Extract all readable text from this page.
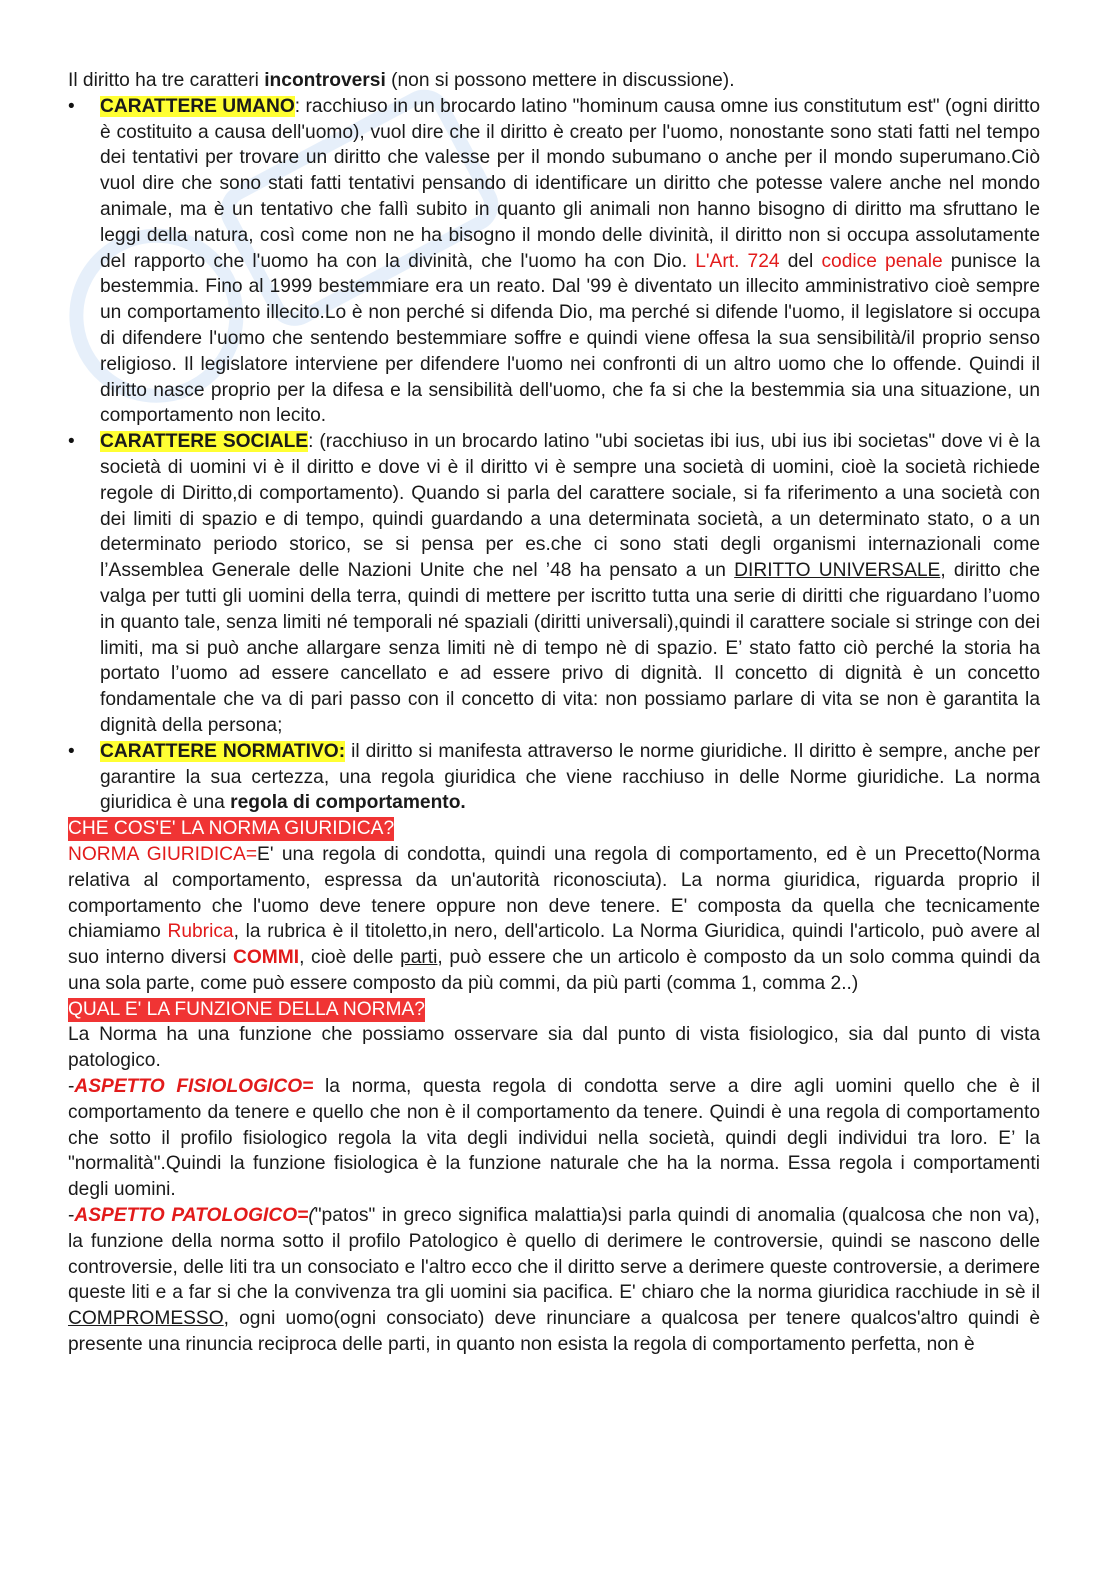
Il diritto ha tre caratteri incontroversi (non si possono mettere in discussione).

• CARATTERE UMANO: racchiuso in un brocardo latino "hominum causa omne ius constitutum est" (ogni diritto è costituito a causa dell'uomo), vuol dire che il diritto è creato per l'uomo, nonostante sono stati fatti nel tempo dei tentativi per trovare un diritto che valesse per il mondo subumano o anche per il mondo superumano.Ciò vuol dire che sono stati fatti tentativi pensando di identificare un diritto che potesse valere anche nel mondo animale, ma è un tentativo che fallì subito in quanto gli animali non hanno bisogno di diritto ma sfruttano le leggi della natura, così come non ne ha bisogno il mondo delle divinità, il diritto non si occupa assolutamente del rapporto che l'uomo ha con la divinità, che l'uomo ha con Dio. L'Art. 724 del codice penale punisce la bestemmia. Fino al 1999 bestemmiare era un reato. Dal '99 è diventato un illecito amministrativo cioè sempre un comportamento illecito.Lo è non perché si difenda Dio, ma perché si difende l'uomo, il legislatore si occupa di difendere l'uomo che sentendo bestemmiare soffre e quindi viene offesa la sua sensibilità/il proprio senso religioso. Il legislatore interviene per difendere l'uomo nei confronti di un altro uomo che lo offende. Quindi il diritto nasce proprio per la difesa e la sensibilità dell'uomo, che fa si che la bestemmia sia una situazione, un comportamento non lecito.
• CARATTERE SOCIALE: (racchiuso in un brocardo latino "ubi societas ibi ius, ubi ius ibi societas" dove vi è la società di uomini vi è il diritto e dove vi è il diritto vi è sempre una società di uomini, cioè la società richiede regole di Diritto,di comportamento). Quando si parla del carattere sociale, si fa riferimento a una società con dei limiti di spazio e di tempo, quindi guardando a una determinata società, a un determinato stato, o a un determinato periodo storico, se si pensa per es.che ci sono stati degli organismi internazionali come l’Assemblea Generale delle Nazioni Unite che nel ’48 ha pensato a un DIRITTO UNIVERSALE, diritto che valga per tutti gli uomini della terra, quindi di mettere per iscritto tutta una serie di diritti che riguardano l’uomo in quanto tale, senza limiti né temporali né spaziali (diritti universali),quindi il carattere sociale si stringe con dei limiti, ma si può anche allargare senza limiti nè di tempo nè di spazio. E’ stato fatto ciò perché la storia ha portato l’uomo ad essere cancellato e ad essere privo di dignità. Il concetto di dignità è un concetto fondamentale che va di pari passo con il concetto di vita: non possiamo parlare di vita se non è garantita la dignità della persona;
• CARATTERE NORMATIVO: il diritto si manifesta attraverso le norme giuridiche. Il diritto è sempre, anche per garantire la sua certezza, una regola giuridica che viene racchiuso in delle Norme giuridiche. La norma giuridica è una regola di comportamento.
CHE COS'E' LA NORMA GIURIDICA?

NORMA GIURIDICA=E' una regola di condotta, quindi una regola di comportamento, ed è un Precetto(Norma relativa al comportamento, espressa da un'autorità riconosciuta). La norma giuridica, riguarda proprio il comportamento che l'uomo deve tenere oppure non deve tenere. E' composta da quella che tecnicamente chiamiamo Rubrica, la rubrica è il titoletto,in nero, dell'articolo. La Norma Giuridica, quindi l'articolo, può avere al suo interno diversi COMMI, cioè delle parti, può essere che un articolo è composto da un solo comma quindi da una sola parte, come può essere composto da più commi, da più parti (comma 1, comma 2..)

QUAL E' LA FUNZIONE DELLA NORMA?

La Norma ha una funzione che possiamo osservare sia dal punto di vista fisiologico, sia dal punto di vista patologico.

-ASPETTO FISIOLOGICO= la norma, questa regola di condotta serve a dire agli uomini quello che è il comportamento da tenere e quello che non è il comportamento da tenere. Quindi è una regola di comportamento che sotto il profilo fisiologico regola la vita degli individui nella società, quindi degli individui tra loro. E’ la "normalità".Quindi la funzione fisiologica è la funzione naturale che ha la norma. Essa regola i comportamenti degli uomini.

-ASPETTO PATOLOGICO=("patos" in greco significa malattia)si parla quindi di anomalia (qualcosa che non va), la funzione della norma sotto il profilo Patologico è quello di derimere le controversie, quindi se nascono delle controversie, delle liti tra un consociato e l'altro ecco che il diritto serve a derimere queste controversie, a derimere queste liti e a far si che la convivenza tra gli uomini sia pacifica. E' chiaro che la norma giuridica racchiude in sè il COMPROMESSO, ogni uomo(ogni consociato) deve rinunciare a qualcosa per tenere qualcos'altro quindi è presente una rinuncia reciproca delle parti, in quanto non esista la regola di comportamento perfetta, non è
